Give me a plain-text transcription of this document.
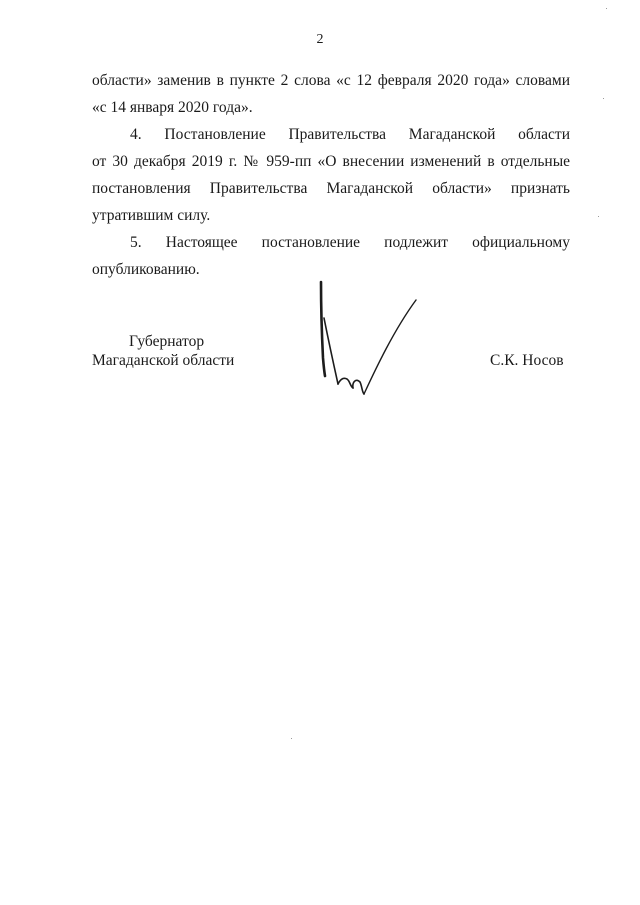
2
области» заменив в пункте 2 слова «с 12 февраля 2020 года» словами
«с 14 января 2020 года».
4. Постановление Правительства Магаданской области
от 30 декабря 2019 г. № 959-пп «О внесении изменений в отдельные
постановления Правительства Магаданской области» признать
утратившим силу.
5. Настоящее постановление подлежит официальному
опубликованию.
Губернатор
Магаданской области	С.К. Носов
